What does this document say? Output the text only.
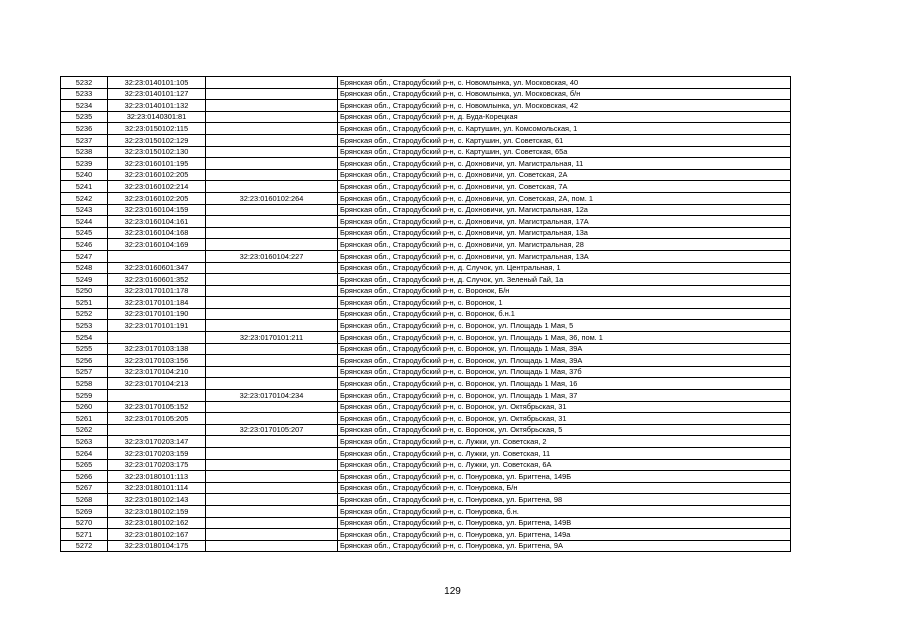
5232	32:23:0140101:105		Брянская обл., Стародубский р-н, с. Новомлынка, ул. Московская, 40
5233	32:23:0140101:127		Брянская обл., Стародубский р-н, с. Новомлынка, ул. Московская, б/н
5234	32:23:0140101:132		Брянская обл., Стародубский р-н, с. Новомлынка, ул. Московская, 42
5235	32:23:0140301:81		Брянская обл., Стародубский р-н, д. Буда-Корецкая
5236	32:23:0150102:115		Брянская обл., Стародубский р-н, с. Картушин, ул. Комсомольская, 1
5237	32:23:0150102:129		Брянская обл., Стародубский р-н, с. Картушин, ул. Советская, 61
5238	32:23:0150102:130		Брянская обл., Стародубский р-н, с. Картушин, ул. Советская, 65а
5239	32:23:0160101:195		Брянская обл., Стародубский р-н, с. Дохновичи, ул. Магистральная, 11
5240	32:23:0160102:205		Брянская обл., Стародубский р-н, с. Дохновичи, ул. Советская, 2А
5241	32:23:0160102:214		Брянская обл., Стародубский р-н, с. Дохновичи, ул. Советская, 7А
5242	32:23:0160102:205	32:23:0160102:264	Брянская обл., Стародубский р-н, с. Дохновичи, ул. Советская, 2А, пом. 1
5243	32:23:0160104:159		Брянская обл., Стародубский р-н, с. Дохновичи, ул. Магистральная, 12а
5244	32:23:0160104:161		Брянская обл., Стародубский р-н, с. Дохновичи, ул. Магистральная, 17А
5245	32:23:0160104:168		Брянская обл., Стародубский р-н, с. Дохновичи, ул. Магистральная, 13а
5246	32:23:0160104:169		Брянская обл., Стародубский р-н, с. Дохновичи, ул. Магистральная, 28
5247		32:23:0160104:227	Брянская обл., Стародубский р-н, с. Дохновичи, ул. Магистральная, 13А
5248	32:23:0160601:347		Брянская обл., Стародубский р-н, д. Случок, ул. Центральная, 1
5249	32:23:0160601:352		Брянская обл., Стародубский р-н, д. Случок, ул. Зеленый Гай, 1а
5250	32:23:0170101:178		Брянская обл., Стародубский р-н, с. Воронок, Б/н
5251	32:23:0170101:184		Брянская обл., Стародубский р-н, с. Воронок, 1
5252	32:23:0170101:190		Брянская обл., Стародубский р-н, с. Воронок, б.н.1
5253	32:23:0170101:191		Брянская обл., Стародубский р-н, с. Воронок, ул. Площадь 1 Мая, 5
5254		32:23:0170101:211	Брянская обл., Стародубский р-н, с. Воронок, ул. Площадь 1 Мая, 36, пом. 1
5255	32:23:0170103:138		Брянская обл., Стародубский р-н, с. Воронок, ул. Площадь 1 Мая, 39А
5256	32:23:0170103:156		Брянская обл., Стародубский р-н, с. Воронок, ул. Площадь 1 Мая, 39А
5257	32:23:0170104:210		Брянская обл., Стародубский р-н, с. Воронок, ул. Площадь 1 Мая, 37б
5258	32:23:0170104:213		Брянская обл., Стародубский р-н, с. Воронок, ул. Площадь 1 Мая, 16
5259		32:23:0170104:234	Брянская обл., Стародубский р-н, с. Воронок, ул. Площадь 1 Мая, 37
5260	32:23:0170105:152		Брянская обл., Стародубский р-н, с. Воронок, ул. Октябрьская, 31
5261	32:23:0170105:205		Брянская обл., Стародубский р-н, с. Воронок, ул. Октябрьская, 31
5262		32:23:0170105:207	Брянская обл., Стародубский р-н, с. Воронок, ул. Октябрьская, 5
5263	32:23:0170203:147		Брянская обл., Стародубский р-н, с. Лужки, ул. Советская, 2
5264	32:23:0170203:159		Брянская обл., Стародубский р-н, с. Лужки, ул. Советская, 11
5265	32:23:0170203:175		Брянская обл., Стародубский р-н, с. Лужки, ул. Советская, 6А
5266	32:23:0180101:113		Брянская обл., Стародубский р-н, с. Понуровка, ул. Бригтена, 149Б
5267	32:23:0180101:114		Брянская обл., Стародубский р-н, с. Понуровка, Б/н
5268	32:23:0180102:143		Брянская обл., Стародубский р-н, с. Понуровка, ул. Бригтена, 98
5269	32:23:0180102:159		Брянская обл., Стародубский р-н, с. Понуровка, б.н.
5270	32:23:0180102:162		Брянская обл., Стародубский р-н, с. Понуровка, ул. Бригтена, 149В
5271	32:23:0180102:167		Брянская обл., Стародубский р-н, с. Понуровка, ул. Бригтена, 149а
5272	32:23:0180104:175		Брянская обл., Стародубский р-н, с. Понуровка, ул. Бригтена, 9А
129
